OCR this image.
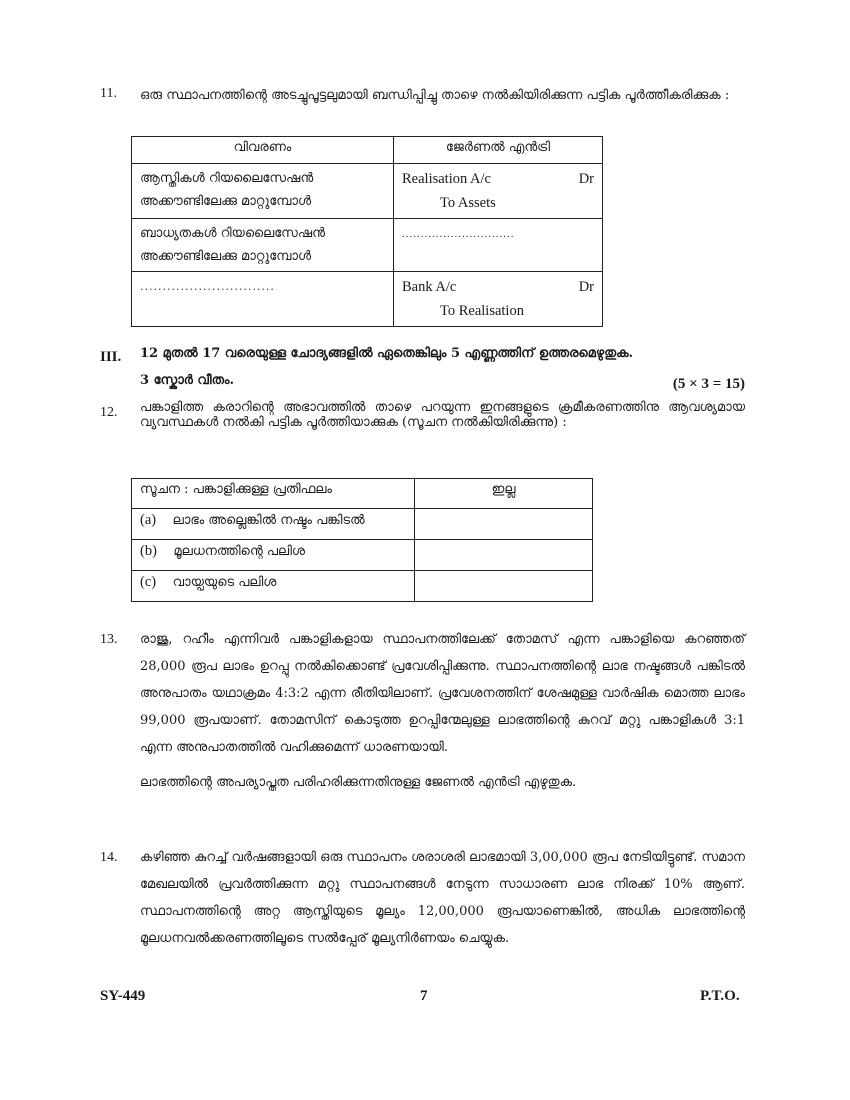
11. ഒരു സ്ഥാപനത്തിന്റെ അടച്ചുപൂട്ടലുമായി ബന്ധിപ്പിച്ചു താഴെ നൽകിയിരിക്കുന്ന പട്ടിക പൂർത്തീകരിക്കുക :
വിവരണം	ജേർണൽ എൻട്രി
ആസ്തികൾ റിയലൈസേഷൻ അക്കൗണ്ടിലേക്കു മാറ്റുമ്പോൾ	Realisation A/c Dr
To Assets

ബാധ്യതകൾ റിയലൈസേഷൻ അക്കൗണ്ടിലേക്കു മാറ്റുമ്പോൾ	..............................
..............................	Bank A/c Dr
To Realisation
III. 12 മുതൽ 17 വരെയുള്ള ചോദ്യങ്ങളിൽ ഏതെങ്കിലും 5 എണ്ണത്തിന് ഉത്തരമെഴുതുക.
3 സ്കോർ വീതം.	(5 × 3 = 15)
12. പങ്കാളിത്ത കരാറിന്റെ അഭാവത്തിൽ താഴെ പറയുന്ന ഇനങ്ങളുടെ ക്രമീകരണത്തിനു ആവശ്യമായ വ്യവസ്ഥകൾ നൽകി പട്ടിക പൂർത്തിയാക്കുക (സൂചന നൽകിയിരിക്കുന്നു) :
സൂചന : പങ്കാളിക്കുള്ള പ്രതിഫലം	ഇല്ല
(a) ലാഭം അല്ലെങ്കിൽ നഷ്ടം പങ്കിടൽ	
(b) മൂലധനത്തിന്റെ പലിശ	
(c) വായ്പയുടെ പലിശ	
13. രാജു, റഹീം എന്നിവർ പങ്കാളികളായ സ്ഥാപനത്തിലേക്ക് തോമസ് എന്ന പങ്കാളിയെ കറഞ്ഞത് 28,000 രൂപ ലാഭം ഉറപ്പു നൽകിക്കൊണ്ട് പ്രവേശിപ്പിക്കുന്നു. സ്ഥാപനത്തിന്റെ ലാഭ നഷ്ടങ്ങൾ പങ്കിടൽ അനുപാതം യഥാക്രമം 4:3:2 എന്ന രീതിയിലാണ്. പ്രവേശനത്തിന് ശേഷമുള്ള വാർഷിക മൊത്ത ലാഭം 99,000 രൂപയാണ്. തോമസിന് കൊടുത്ത ഉറപ്പിന്മേലുള്ള ലാഭത്തിന്റെ കുറവ് മറ്റു പങ്കാളികൾ 3:1 എന്ന അനുപാതത്തിൽ വഹിക്കുമെന്ന് ധാരണയായി.

ലാഭത്തിന്റെ അപര്യാപ്തത പരിഹരിക്കുന്നതിനുള്ള ജേണൽ എൻട്രി എഴുതുക.

14. കഴിഞ്ഞ കുറച്ച് വർഷങ്ങളായി ഒരു സ്ഥാപനം ശരാശരി ലാഭമായി 3,00,000 രൂപ നേടിയിട്ടുണ്ട്. സമാന മേഖലയിൽ പ്രവർത്തിക്കുന്ന മറ്റു സ്ഥാപനങ്ങൾ നേടുന്ന സാധാരണ ലാഭ നിരക്ക് 10% ആണ്. സ്ഥാപനത്തിന്റെ അറ്റ ആസ്തിയുടെ മൂല്യം 12,00,000 രൂപയാണെങ്കിൽ, അധിക ലാഭത്തിന്റെ മൂലധനവൽക്കരണത്തിലൂടെ സൽപ്പേര് മൂല്യനിർണയം ചെയ്യുക.
SY-449	7	P.T.O.
